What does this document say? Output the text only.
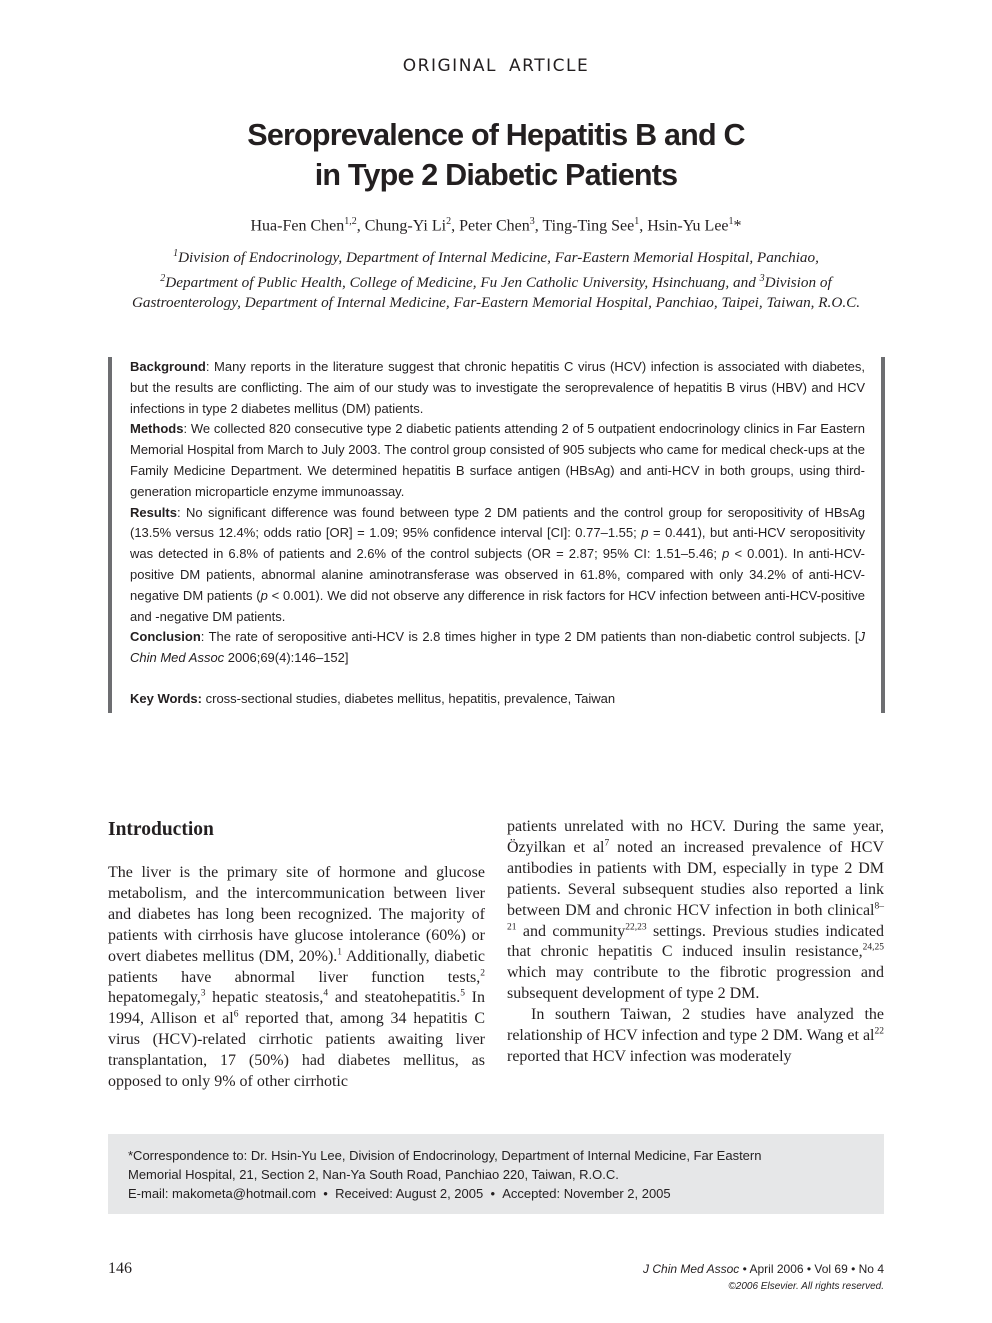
ORIGINAL ARTICLE
Seroprevalence of Hepatitis B and C
in Type 2 Diabetic Patients
Hua-Fen Chen$^{1,2}$, Chung-Yi Li$^2$, Peter Chen$^3$, Ting-Ting See$^1$, Hsin-Yu Lee$^1$*
$^1$Division of Endocrinology, Department of Internal Medicine, Far-Eastern Memorial Hospital, Panchiao,
$^2$Department of Public Health, College of Medicine, Fu Jen Catholic University, Hsinchuang, and $^3$Division of
Gastroenterology, Department of Internal Medicine, Far-Eastern Memorial Hospital, Panchiao, Taipei, Taiwan, R.O.C.

Background: Many reports in the literature suggest that chronic hepatitis C virus (HCV) infection is associated with diabetes, but the results are conflicting. The aim of our study was to investigate the seroprevalence of hepatitis B virus (HBV) and HCV infections in type 2 diabetes mellitus (DM) patients.

Methods: We collected 820 consecutive type 2 diabetic patients attending 2 of 5 outpatient endocrinology clinics in Far Eastern Memorial Hospital from March to July 2003. The control group consisted of 905 subjects who came for medical check-ups at the Family Medicine Department. We determined hepatitis B surface antigen (HBsAg) and anti-HCV in both groups, using third-generation microparticle enzyme immunoassay.

Results: No significant difference was found between type 2 DM patients and the control group for seropositivity of HBsAg (13.5% versus 12.4%; odds ratio [OR] = 1.09; 95% confidence interval [CI]: 0.77–1.55; p = 0.441), but anti-HCV seropositivity was detected in 6.8% of patients and 2.6% of the control subjects (OR = 2.87; 95% CI: 1.51–5.46; p < 0.001). In anti-HCV-positive DM patients, abnormal alanine aminotransferase was observed in 61.8%, compared with only 34.2% of anti-HCV-negative DM patients (p < 0.001). We did not observe any difference in risk factors for HCV infection between anti-HCV-positive and -negative DM patients.

Conclusion: The rate of seropositive anti-HCV is 2.8 times higher in type 2 DM patients than non-diabetic control subjects. [J Chin Med Assoc 2006;69(4):146–152]

Key Words: cross-sectional studies, diabetes mellitus, hepatitis, prevalence, Taiwan

Introduction

The liver is the primary site of hormone and glucose metabolism, and the intercommunication between liver and diabetes has long been recognized. The majority of patients with cirrhosis have glucose intolerance (60%) or overt diabetes mellitus (DM, 20%).$^1$ Additionally, diabetic patients have abnormal liver function tests,$^2$ hepatomegaly,$^3$ hepatic steatosis,$^4$ and steatohepatitis.$^5$ In 1994, Allison et $al^6$ reported that, among 34 hepatitis C virus (HCV)-related cirrhotic patients awaiting liver transplantation, 17 (50%) had diabetes mellitus, as opposed to only 9% of other cirrhotic

patients unrelated with no HCV. During the same year, Özyilkan et $al^7$ noted an increased prevalence of HCV antibodies in patients with DM, especially in type 2 DM patients. Several subsequent studies also reported a link between DM and chronic HCV infection in both clinical$^{8-21}$ and community$^{22,23}$ settings. Previous studies indicated that chronic hepatitis C induced insulin resistance,$^{24,25}$ which may contribute to the fibrotic progression and subsequent development of type 2 DM.

In southern Taiwan, 2 studies have analyzed the relationship of HCV infection and type 2 DM. Wang et $al^{22}$ reported that HCV infection was moderately

*Correspondence to: Dr. Hsin-Yu Lee, Division of Endocrinology, Department of Internal Medicine, Far Eastern

Memorial Hospital, 21, Section 2, Nan-Ya South Road, Panchiao 220, Taiwan, R.O.C.

E-mail: makometa@hotmail.com • Received: August 2, 2005 • Accepted: November 2, 2005

146	J Chin Med Assoc • April 2006 • Vol 69 • No 4
©2006 Elsevier. All rights reserved.
